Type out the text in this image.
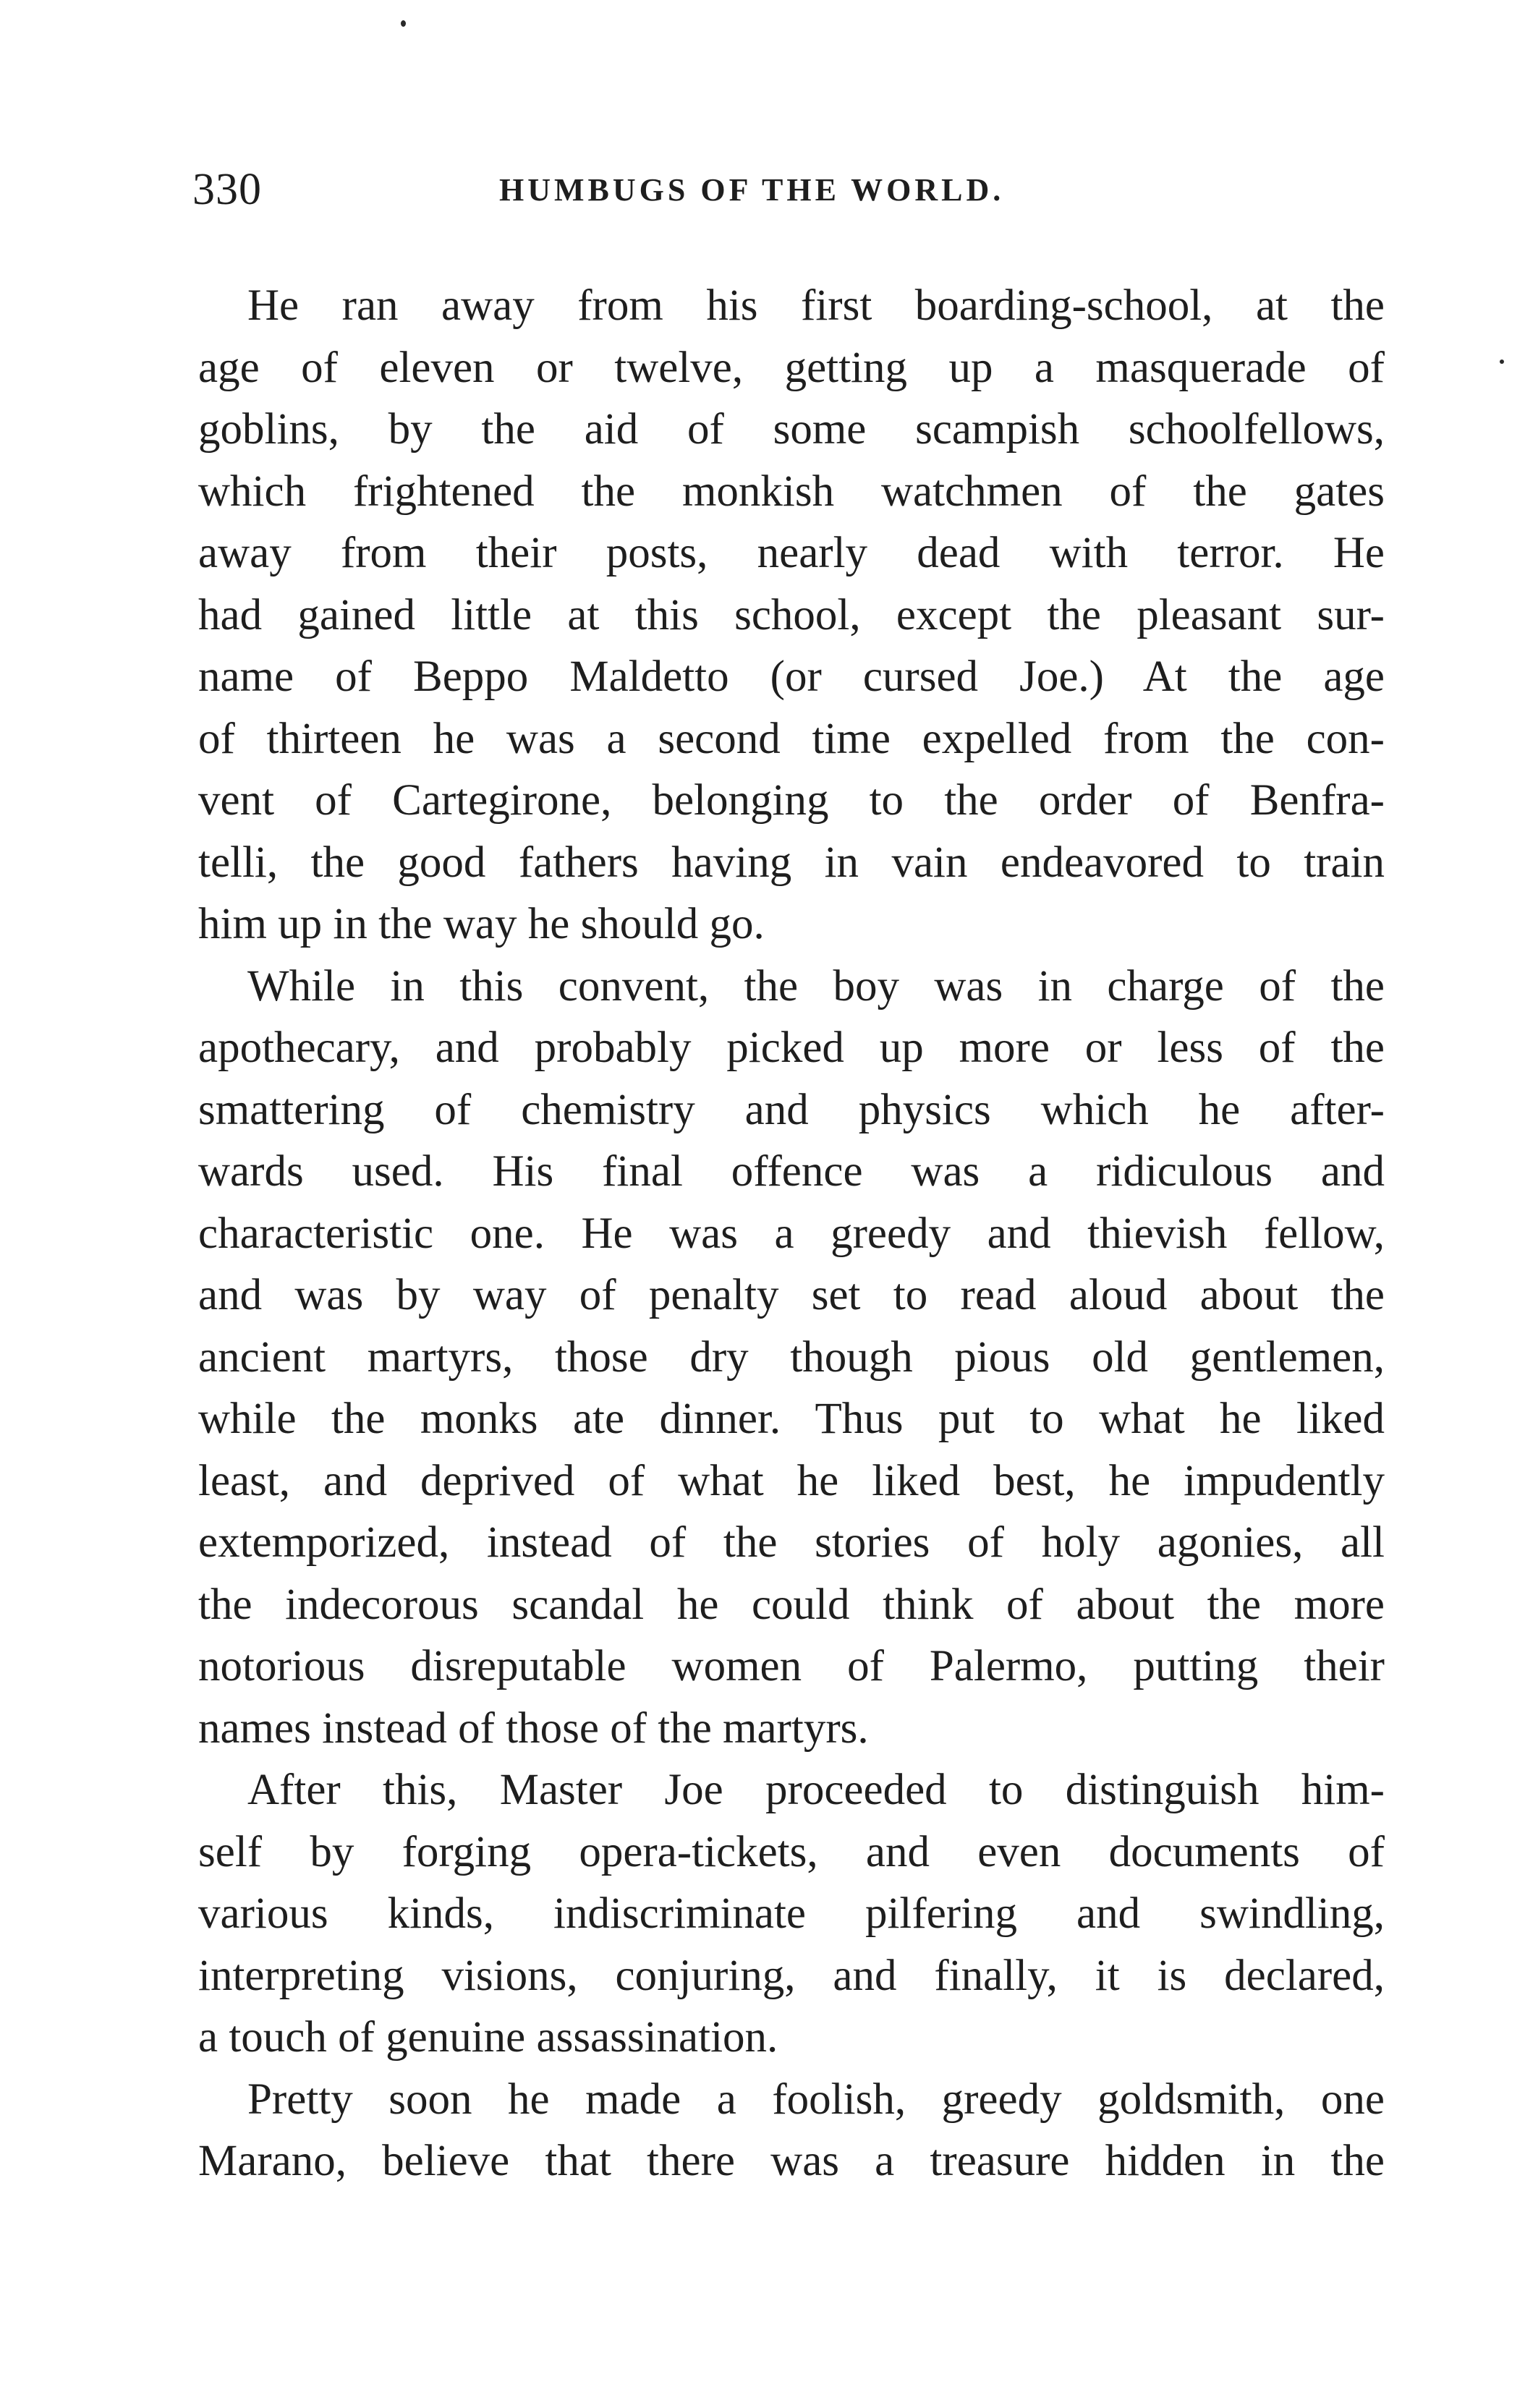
330	HUMBUGS OF THE WORLD.
He ran away from his first boarding-school, at the
age of eleven or twelve, getting up a masquerade of
goblins, by the aid of some scampish schoolfellows,
which frightened the monkish watchmen of the gates
away from their posts, nearly dead with terror. He
had gained little at this school, except the pleasant sur-
name of Beppo Maldetto (or cursed Joe.) At the age
of thirteen he was a second time expelled from the con-
vent of Cartegirone, belonging to the order of Benfra-
telli, the good fathers having in vain endeavored to train
him up in the way he should go.
While in this convent, the boy was in charge of the
apothecary, and probably picked up more or less of the
smattering of chemistry and physics which he after-
wards used. His final offence was a ridiculous and
characteristic one. He was a greedy and thievish fellow,
and was by way of penalty set to read aloud about the
ancient martyrs, those dry though pious old gentlemen,
while the monks ate dinner. Thus put to what he liked
least, and deprived of what he liked best, he impudently
extemporized, instead of the stories of holy agonies, all
the indecorous scandal he could think of about the more
notorious disreputable women of Palermo, putting their
names instead of those of the martyrs.
After this, Master Joe proceeded to distinguish him-
self by forging opera-tickets, and even documents of
various kinds, indiscriminate pilfering and swindling,
interpreting visions, conjuring, and finally, it is declared,
a touch of genuine assassination.
Pretty soon he made a foolish, greedy goldsmith, one
Marano, believe that there was a treasure hidden in the
